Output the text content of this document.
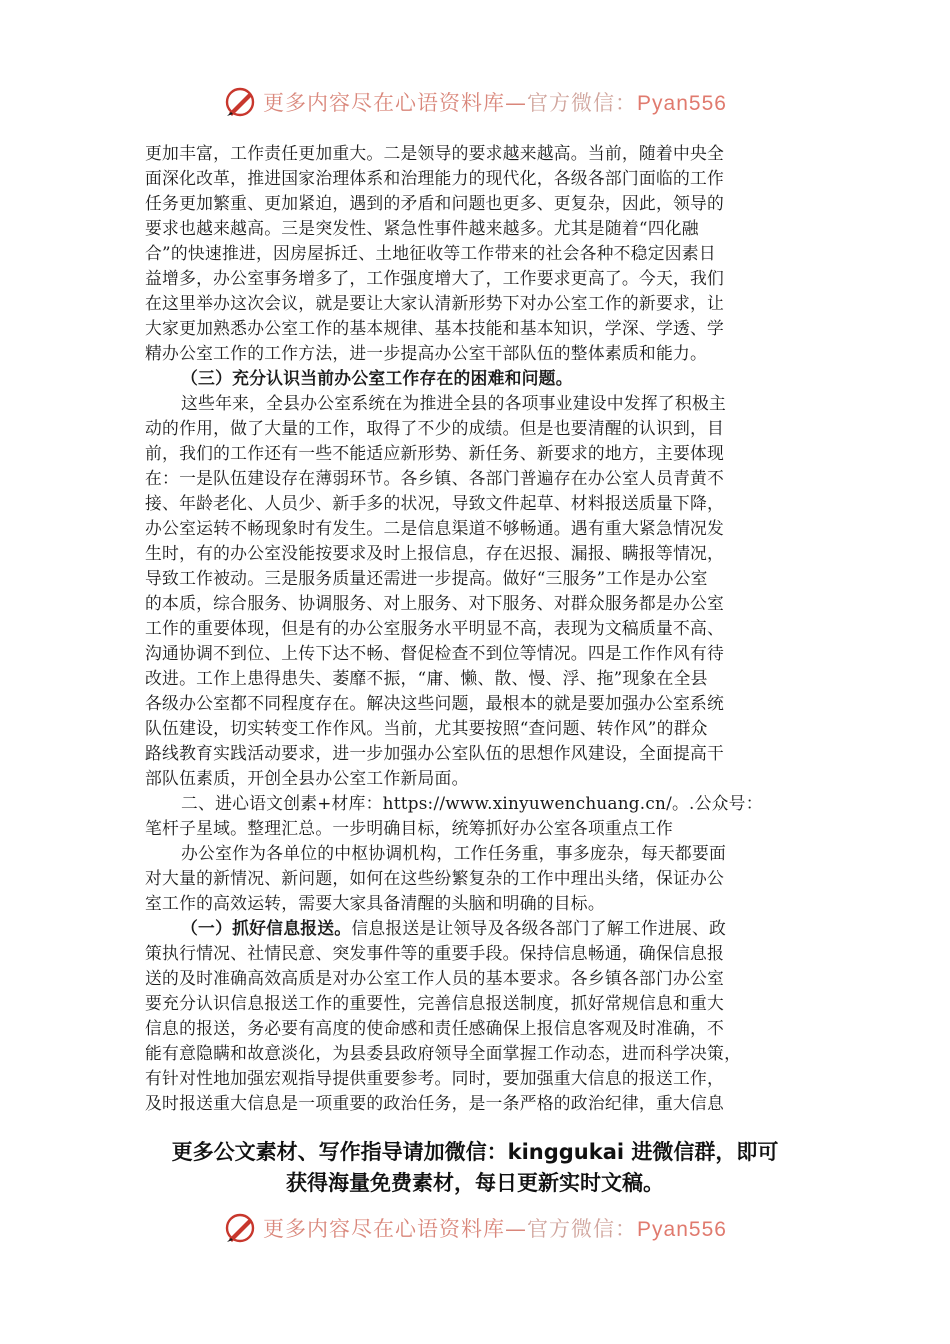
更多内容尽在心语资料库—官方微信：Pyan556
更加丰富，工作责任更加重大。二是领导的要求越来越高。当前，随着中央全
面深化改革，推进国家治理体系和治理能力的现代化，各级各部门面临的工作
任务更加繁重、更加紧迫，遇到的矛盾和问题也更多、更复杂，因此，领导的
要求也越来越高。三是突发性、紧急性事件越来越多。尤其是随着“四化融
合”的快速推进，因房屋拆迁、土地征收等工作带来的社会各种不稳定因素日
益增多，办公室事务增多了，工作强度增大了，工作要求更高了。今天，我们
在这里举办这次会议，就是要让大家认清新形势下对办公室工作的新要求，让
大家更加熟悉办公室工作的基本规律、基本技能和基本知识，学深、学透、学
精办公室工作的工作方法，进一步提高办公室干部队伍的整体素质和能力。
（三）充分认识当前办公室工作存在的困难和问题。
这些年来，全县办公室系统在为推进全县的各项事业建设中发挥了积极主
动的作用，做了大量的工作，取得了不少的成绩。但是也要清醒的认识到，目
前，我们的工作还有一些不能适应新形势、新任务、新要求的地方，主要体现
在：一是队伍建设存在薄弱环节。各乡镇、各部门普遍存在办公室人员青黄不
接、年龄老化、人员少、新手多的状况，导致文件起草、材料报送质量下降，
办公室运转不畅现象时有发生。二是信息渠道不够畅通。遇有重大紧急情况发
生时，有的办公室没能按要求及时上报信息，存在迟报、漏报、瞒报等情况，
导致工作被动。三是服务质量还需进一步提高。做好“三服务”工作是办公室
的本质，综合服务、协调服务、对上服务、对下服务、对群众服务都是办公室
工作的重要体现，但是有的办公室服务水平明显不高，表现为文稿质量不高、
沟通协调不到位、上传下达不畅、督促检查不到位等情况。四是工作作风有待
改进。工作上患得患失、萎靡不振，“庸、懒、散、慢、浮、拖”现象在全县
各级办公室都不同程度存在。解决这些问题，最根本的就是要加强办公室系统
队伍建设，切实转变工作作风。当前，尤其要按照“查问题、转作风”的群众
路线教育实践活动要求，进一步加强办公室队伍的思想作风建设，全面提高干
部队伍素质，开创全县办公室工作新局面。
二、进心语文创素+材库：https://www.xinyuwenchuang.cn/。.公众号：
笔杆子星域。整理汇总。一步明确目标，统筹抓好办公室各项重点工作
办公室作为各单位的中枢协调机构，工作任务重，事多庞杂，每天都要面
对大量的新情况、新问题，如何在这些纷繁复杂的工作中理出头绪，保证办公
室工作的高效运转，需要大家具备清醒的头脑和明确的目标。
（一）抓好信息报送。信息报送是让领导及各级各部门了解工作进展、政
策执行情况、社情民意、突发事件等的重要手段。保持信息畅通，确保信息报
送的及时准确高效高质是对办公室工作人员的基本要求。各乡镇各部门办公室
要充分认识信息报送工作的重要性，完善信息报送制度，抓好常规信息和重大
信息的报送，务必要有高度的使命感和责任感确保上报信息客观及时准确，不
能有意隐瞒和故意淡化，为县委县政府领导全面掌握工作动态，进而科学决策，
有针对性地加强宏观指导提供重要参考。同时，要加强重大信息的报送工作，
及时报送重大信息是一项重要的政治任务，是一条严格的政治纪律，重大信息
更多公文素材、写作指导请加微信：kinggukai 进微信群，即可
获得海量免费素材，每日更新实时文稿。
更多内容尽在心语资料库—官方微信：Pyan556
